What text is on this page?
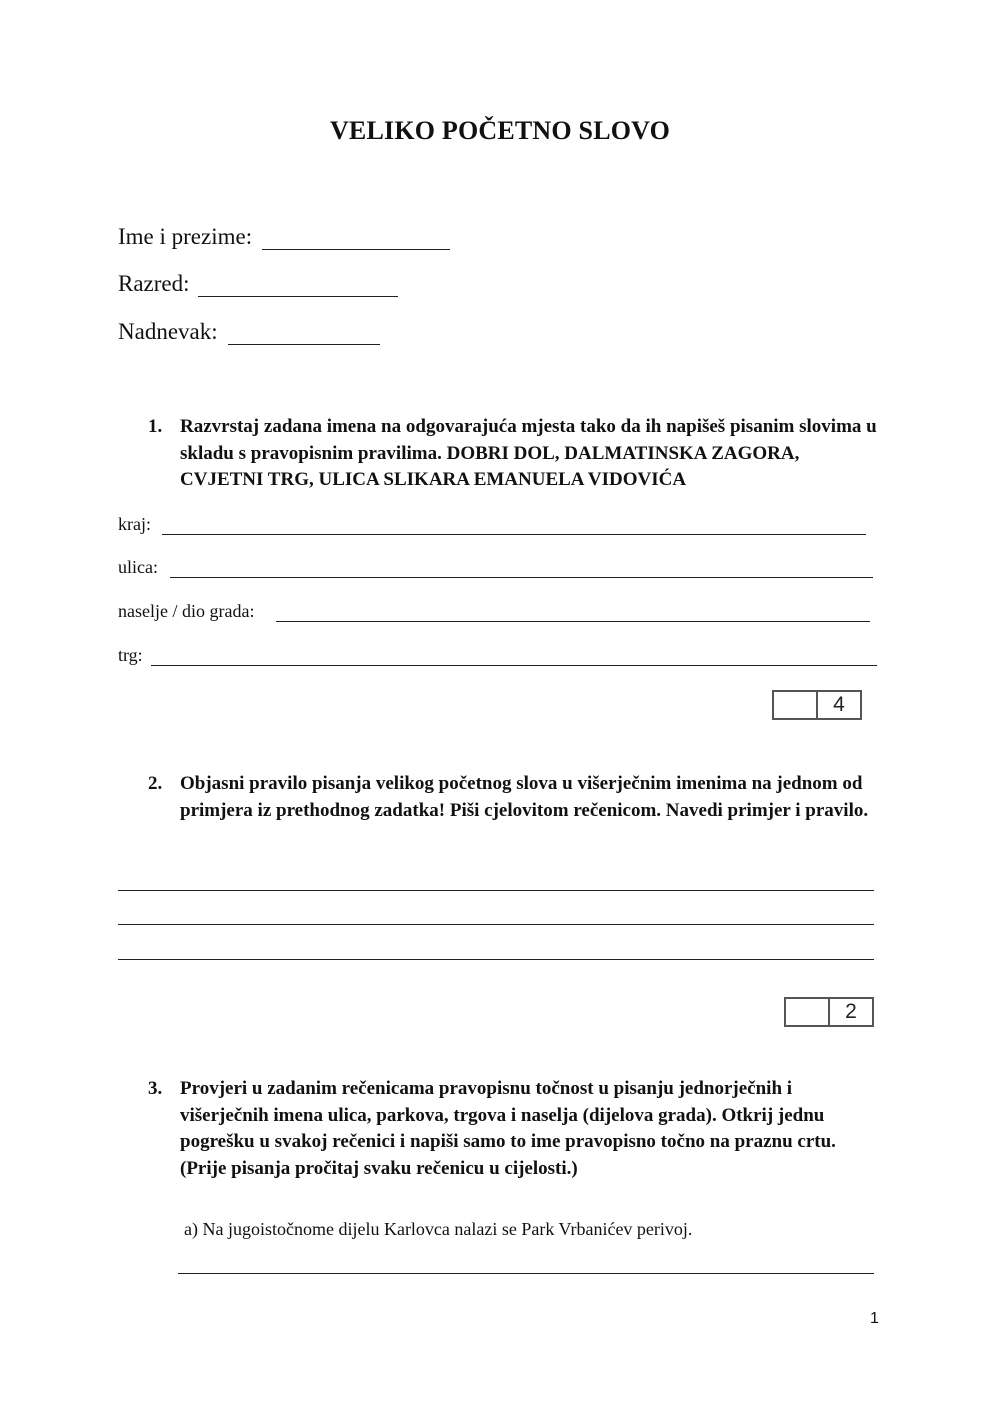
VELIKO POČETNO SLOVO
Ime i prezime:
Razred:
Nadnevak:
1. Razvrstaj zadana imena na odgovarajuća mjesta tako da ih napišeš pisanim slovima u skladu s pravopisnim pravilima. DOBRI DOL, DALMATINSKA ZAGORA, CVJETNI TRG, ULICA SLIKARA EMANUELA VIDOVIĆA
kraj:
ulica:
naselje / dio grada:
trg:
4
2. Objasni pravilo pisanja velikog početnog slova u višerječnim imenima na jednom od primjera iz prethodnog zadatka! Piši cjelovitom rečenicom. Navedi primjer i pravilo.
2
3. Provjeri u zadanim rečenicama pravopisnu točnost u pisanju jednorječnih i višerječnih imena ulica, parkova, trgova i naselja (dijelova grada). Otkrij jednu pogrešku u svakoj rečenici i napiši samo to ime pravopisno točno na praznu crtu. (Prije pisanja pročitaj svaku rečenicu u cijelosti.)
a) Na jugoistočnome dijelu Karlovca nalazi se Park Vrbanićev perivoj.
1
